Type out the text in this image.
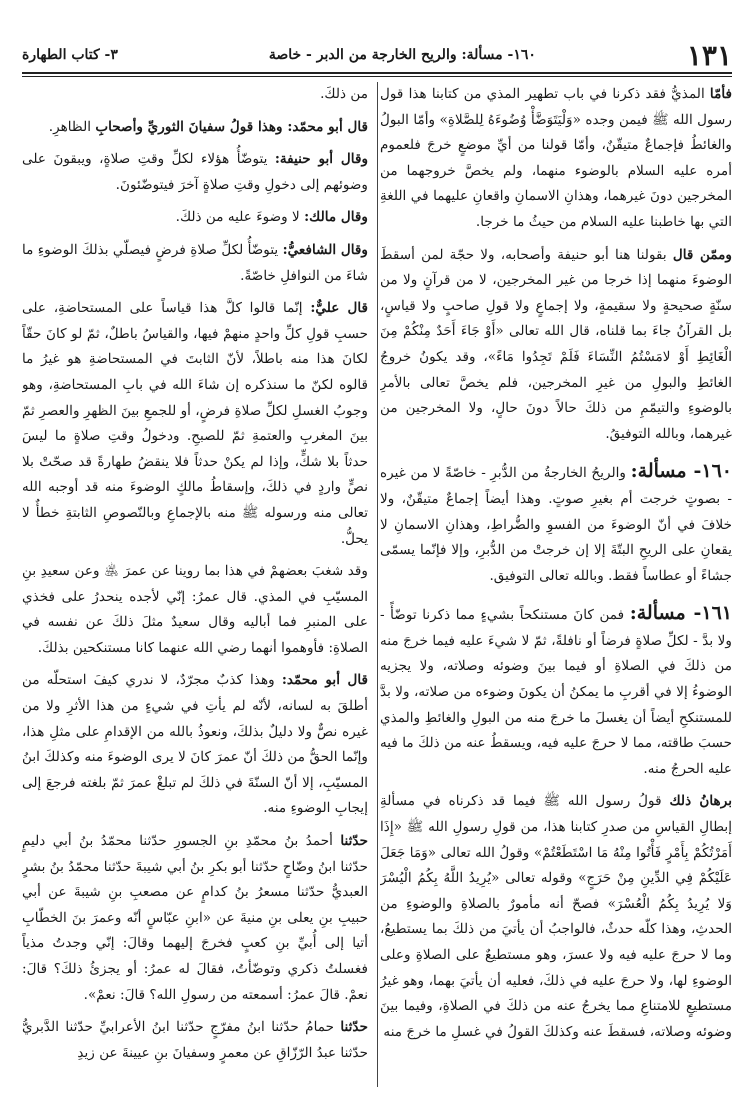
١٣١
١٦٠- مسألة: والريح الخارجة من الدبر - خاصة
٣- كتاب الطهارة

فأمّا المذيُّ فقد ذكرنا في باب تطهير المذي من كتابنا هذا قول رسول الله ﷺ فيمن وجده «وَلْيَتَوَضَّأْ وُضُوءَهُ لِلصَّلاةِ» وأمّا البولُ والغائطُ فإجماعٌ متيقّنٌ، وأمّا قولنا من أيِّ موضعٍ خرجَ فلعموم أمره عليه السلام بالوضوء منهما، ولم يخصَّ خروجهما من المخرجين دونَ غيرهما، وهذانِ الاسمانِ واقعانِ عليهما في اللغةِ التي بها خاطبنا عليه السلام من حيثُ ما خرجا.

وممّن قال بقولنا هنا أبو حنيفة وأصحابه، ولا حجّة لمن أسقطَ الوضوءَ منهما إذا خرجا من غير المخرجين، لا من قرآنٍ ولا من سنّةٍ صحيحةٍ ولا سقيمةٍ، ولا إجماعٍ ولا قولِ صاحبٍ ولا قياسٍ، بل القرآنُ جاءَ بما قلناه، قال الله تعالى «أَوْ جَاءَ أَحَدٌ مِنْكُمْ مِنَ الْغَائِطِ أَوْ لامَسْتُمُ النِّسَاءَ فَلَمْ تَجِدُوا مَاءً»، وقد يكونُ خروجُ الغائطِ والبولِ من غيرِ المخرجين، فلم يخصَّ تعالى بالأمرِ بالوضوءِ والتيمّمِ من ذلكَ حالاً دونَ حالٍ، ولا المخرجين من غيرهما، وبالله التوفيقُ.

١٦٠- مسألة: والريحُ الخارجةُ من الدُّبرِ - خاصّةً لا من غيره - بصوتٍ خرجت أم بغيرِ صوتٍ. وهذا أيضاً إجماعٌ متيقّنٌ، ولا خلافَ في أنّ الوضوءَ من الفسوِ والضُّراطِ، وهذانِ الاسمانِ لا يقعانِ على الريحِ البتّةَ إلا إن خرجتْ من الدُّبرِ، وإلا فإنّما يسمّى جشاءً أو عطاساً فقط. وبالله تعالى التوفيق.

١٦١- مسألة: فمن كانَ مستنكحاً بشيءٍ مما ذكرنا توضّأً - ولا بدَّ - لكلِّ صلاةٍ فرضاً أو نافلةً، ثمّ لا شيءَ عليه فيما خرجَ منه من ذلكَ في الصلاةِ أو فيما بينَ وضوئه وصلاته، ولا يجزيه الوضوءُ إلا في أقربِ ما يمكنُ أن يكونَ وضوءه من صلاته، ولا بدَّ للمستنكحِ أيضاً أن يغسلَ ما خرجَ منه من البولِ والغائطِ والمذي حسبَ طاقته، مما لا حرجَ عليه فيه، ويسقطُ عنه من ذلكَ ما فيه عليه الحرجُ منه.

برهانُ ذلك قولُ رسول الله ﷺ فيما قد ذكرناه في مسألةِ إبطالِ القياسِ من صدرِ كتابنا هذا، من قولِ رسولِ الله ﷺ «إِذَا أَمَرْتُكُمْ بِأَمْرٍ فَأْتُوا مِنْهُ مَا اسْتَطَعْتُمْ» وقولُ الله تعالى «وَمَا جَعَلَ عَلَيْكُمْ فِي الدِّينِ مِنْ حَرَجٍ» وقوله تعالى «يُرِيدُ اللَّهُ بِكُمُ الْيُسْرَ وَلا يُرِيدُ بِكُمُ الْعُسْرَ» فصحّ أنه مأمورٌ بالصلاةِ والوضوءِ من الحدثِ، وهذا كلّه حدثٌ، فالواجبُ أن يأتيَ من ذلكَ بما يستطيعُ، وما لا حرجَ عليه فيه ولا عسرَ، وهو مستطيعٌ على الصلاةِ وعلى الوضوءِ لها، ولا حرجَ عليه في ذلكَ، فعليه أن يأتيَ بهما، وهو غيرُ مستطيعٍ للامتناعِ مما يخرجُ عنه من ذلكَ في الصلاةِ، وفيما بينَ وضوئه وصلاته، فسقطَ عنه وكذلكَ القولُ في غسلِ ما خرجَ منه

من ذلكَ.

قال أبو محمّد: وهذا قولُ سفيانَ الثوريِّ وأصحابِ الظاهرِ.

وقال أبو حنيفة: يتوضّأُ هؤلاء لكلِّ وقتِ صلاةٍ، ويبقونَ على وضوئهم إلى دخولِ وقتِ صلاةٍ آخرَ فيتوضّئونَ.

وقال مالك: لا وضوءَ عليه من ذلكَ.

وقال الشافعيُّ: يتوضّأُ لكلِّ صلاةِ فرضٍ فيصلّي بذلكَ الوضوءِ ما شاءَ من النوافلِ خاصّةً.

قال عليٌّ: إنّما قالوا كلَّ هذا قياساً على المستحاضةِ، على حسبِ قولِ كلِّ واحدٍ منهمْ فيها، والقياسُ باطلٌ، ثمّ لو كانَ حقّاً لكانَ هذا منه باطلاً، لأنّ الثابتَ في المستحاضةِ هو غيرُ ما قالوه لكنّ ما سنذكره إن شاءَ الله في بابِ المستحاضةِ، وهو وجوبُ الغسلِ لكلِّ صلاةِ فرضٍ، أو للجمعِ بينَ الظهرِ والعصرِ ثمّ بينَ المغربِ والعتمةِ ثمّ للصبحِ. ودخولُ وقتِ صلاةٍ ما ليسَ حدثاً بلا شكٍّ، وإذا لم يكنْ حدثاً فلا ينقضُ طهارةً قد صحّتْ بلا نصٍّ واردٍ في ذلكَ، وإسقاطُ مالكٍ الوضوءَ منه قد أوجبه الله تعالى منه ورسوله ﷺ منه بالإجماعِ وبالنّصوصِ الثابتةِ خطأٌ لا يحلُّ.

وقد شغبَ بعضهمْ في هذا بما روينا عن عمرَ ﵁ وعن سعيدِ بنِ المسيّبِ في المذي. قال عمرُ: إنّي لأجده ينحدرُ على فخذي على المنبرِ فما أباليه وقال سعيدٌ مثلَ ذلكَ عن نفسه في الصلاةِ: فأوهموا أنهما رضي الله عنهما كانا مستنكحين بذلكَ.

قال أبو محمّد: وهذا كذبٌ مجرّدٌ، لا ندري كيفَ استحلّه من أطلقَ به لسانه، لأنّه لم يأتِ في شيءٍ من هذا الأثرِ ولا من غيره نصٌّ ولا دليلٌ بذلكَ، ونعوذُ بالله من الإقدامِ على مثلِ هذا، وإنّما الحقُّ من ذلكَ أنّ عمرَ كانَ لا يرى الوضوءَ منه وكذلكَ ابنُ المسيّبِ، إلا أنّ السنّةَ في ذلكَ لم تبلغْ عمرَ ثمّ بلغته فرجعَ إلى إيجابِ الوضوءِ منه.

حدّثنا أحمدُ بنُ محمّدِ بنِ الجسورِ حدّثنا محمّدُ بنُ أبي دليمٍ حدّثنا ابنُ وضّاحٍ حدّثنا أبو بكرِ بنُ أبي شيبةَ حدّثنا محمّدُ بنُ بشرٍ العبديُّ حدّثنا مسعرُ بنُ كدامٍ عن مصعبِ بنِ شيبةَ عن أبي حبيبِ بنِ يعلى بنِ منيةَ عن «ابنِ عبّاسٍ أنّه وعمرَ بنَ الخطّابِ أتيا إلى أُبيِّ بنِ كعبٍ فخرجَ إليهما وقالَ: إنّي وجدتُ مذياً فغسلتُ ذكري وتوضّأتُ، فقالَ له عمرُ: أو يجزئُ ذلكَ؟ قالَ: نعمْ. قالَ عمرُ: أسمعته من رسولِ الله؟ قالَ: نعمْ».

حدّثنا حمامُ حدّثنا ابنُ مفرّجٍ حدّثنا ابنُ الأعرابيِّ حدّثنا الدَّبريُّ حدّثنا عبدُ الرّزّاقِ عن معمرٍ وسفيانَ بنِ عيينةَ عن زيدِ
